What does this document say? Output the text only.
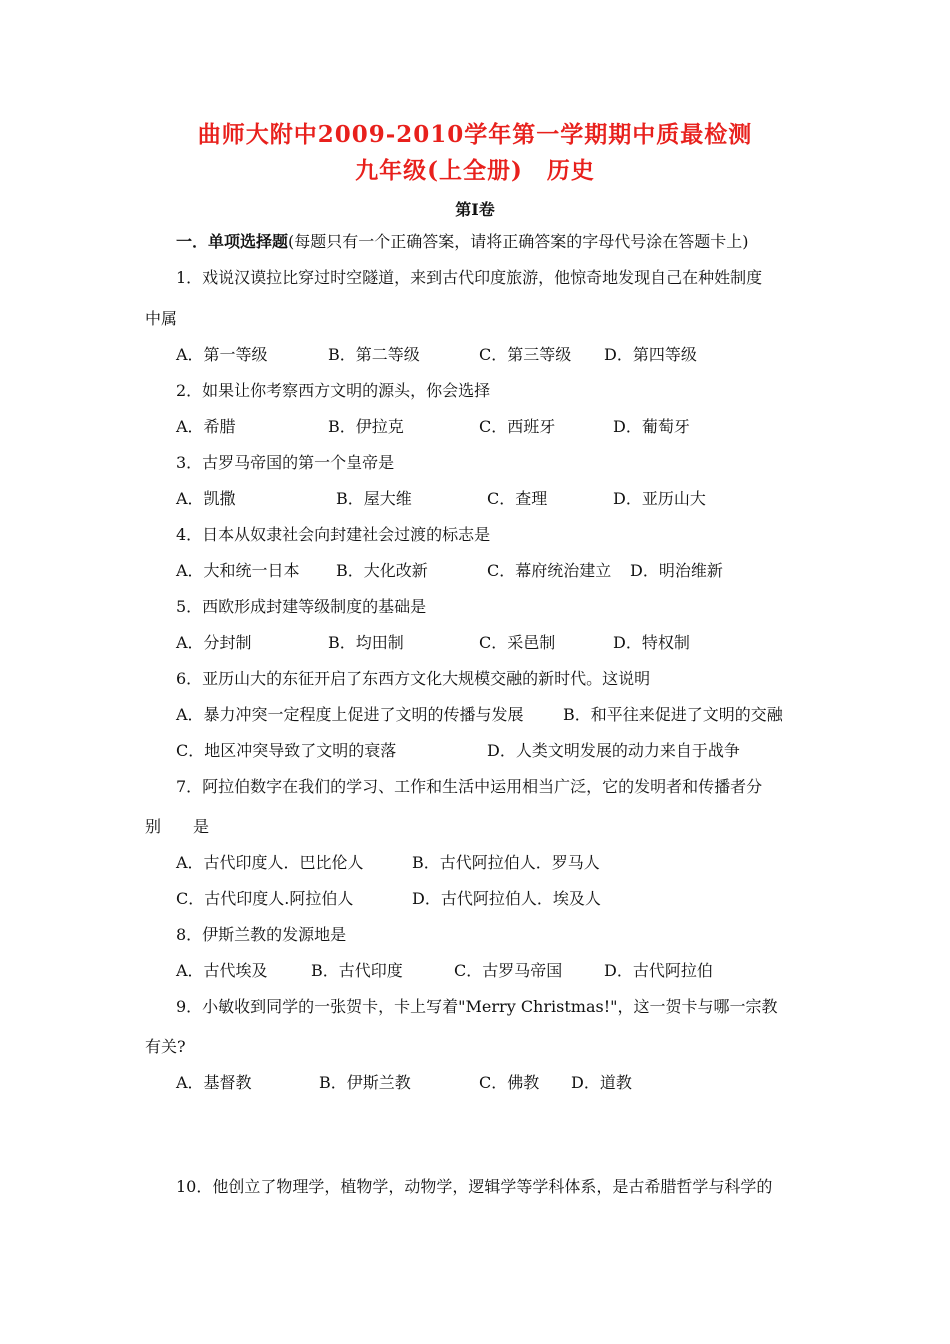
曲师大附中2009-2010学年第一学期期中质最检测
九年级(上全册)　历史
第Ⅰ卷
一．单项选择题(每题只有一个正确答案，请将正确答案的字母代号涂在答题卡上)
1．戏说汉谟拉比穿过时空隧道，来到古代印度旅游，他惊奇地发现自己在种姓制度
中属
A．第一等级	B．第二等级	C．第三等级 D．第四等级
2．如果让你考察西方文明的源头，你会选择
A．希腊	B．伊拉克	C．西班牙	D．葡萄牙
3．古罗马帝国的第一个皇帝是
A．凯撒	B．屋大维	C．查理	D．亚历山大
4．日本从奴隶社会向封建社会过渡的标志是
A．大和统一日本 B．大化改新	C．幕府统治建立 D．明治维新
5．西欧形成封建等级制度的基础是
A．分封制	B．均田制	C．采邑制	D．特权制
6．亚历山大的东征开启了东西方文化大规模交融的新时代。这说明
A．暴力冲突一定程度上促进了文明的传播与发展 B．和平往来促进了文明的交融
C．地区冲突导致了文明的衰落	D．人类文明发展的动力来自于战争
7．阿拉伯数字在我们的学习、工作和生活中运用相当广泛，它的发明者和传播者分
别　　是
A．古代印度人．巴比伦人	B．古代阿拉伯人．罗马人
C．古代印度人.阿拉伯人	D．古代阿拉伯人．埃及人
8．伊斯兰教的发源地是
A．古代埃及	B．古代印度	C．古罗马帝国	D．古代阿拉伯
9．小敏收到同学的一张贺卡，卡上写着"Merry Christmas!"，这一贺卡与哪一宗教
有关?
A．基督教	B．伊斯兰教	C．佛教 D．道教
10．他创立了物理学，植物学，动物学，逻辑学等学科体系，是古希腊哲学与科学的
